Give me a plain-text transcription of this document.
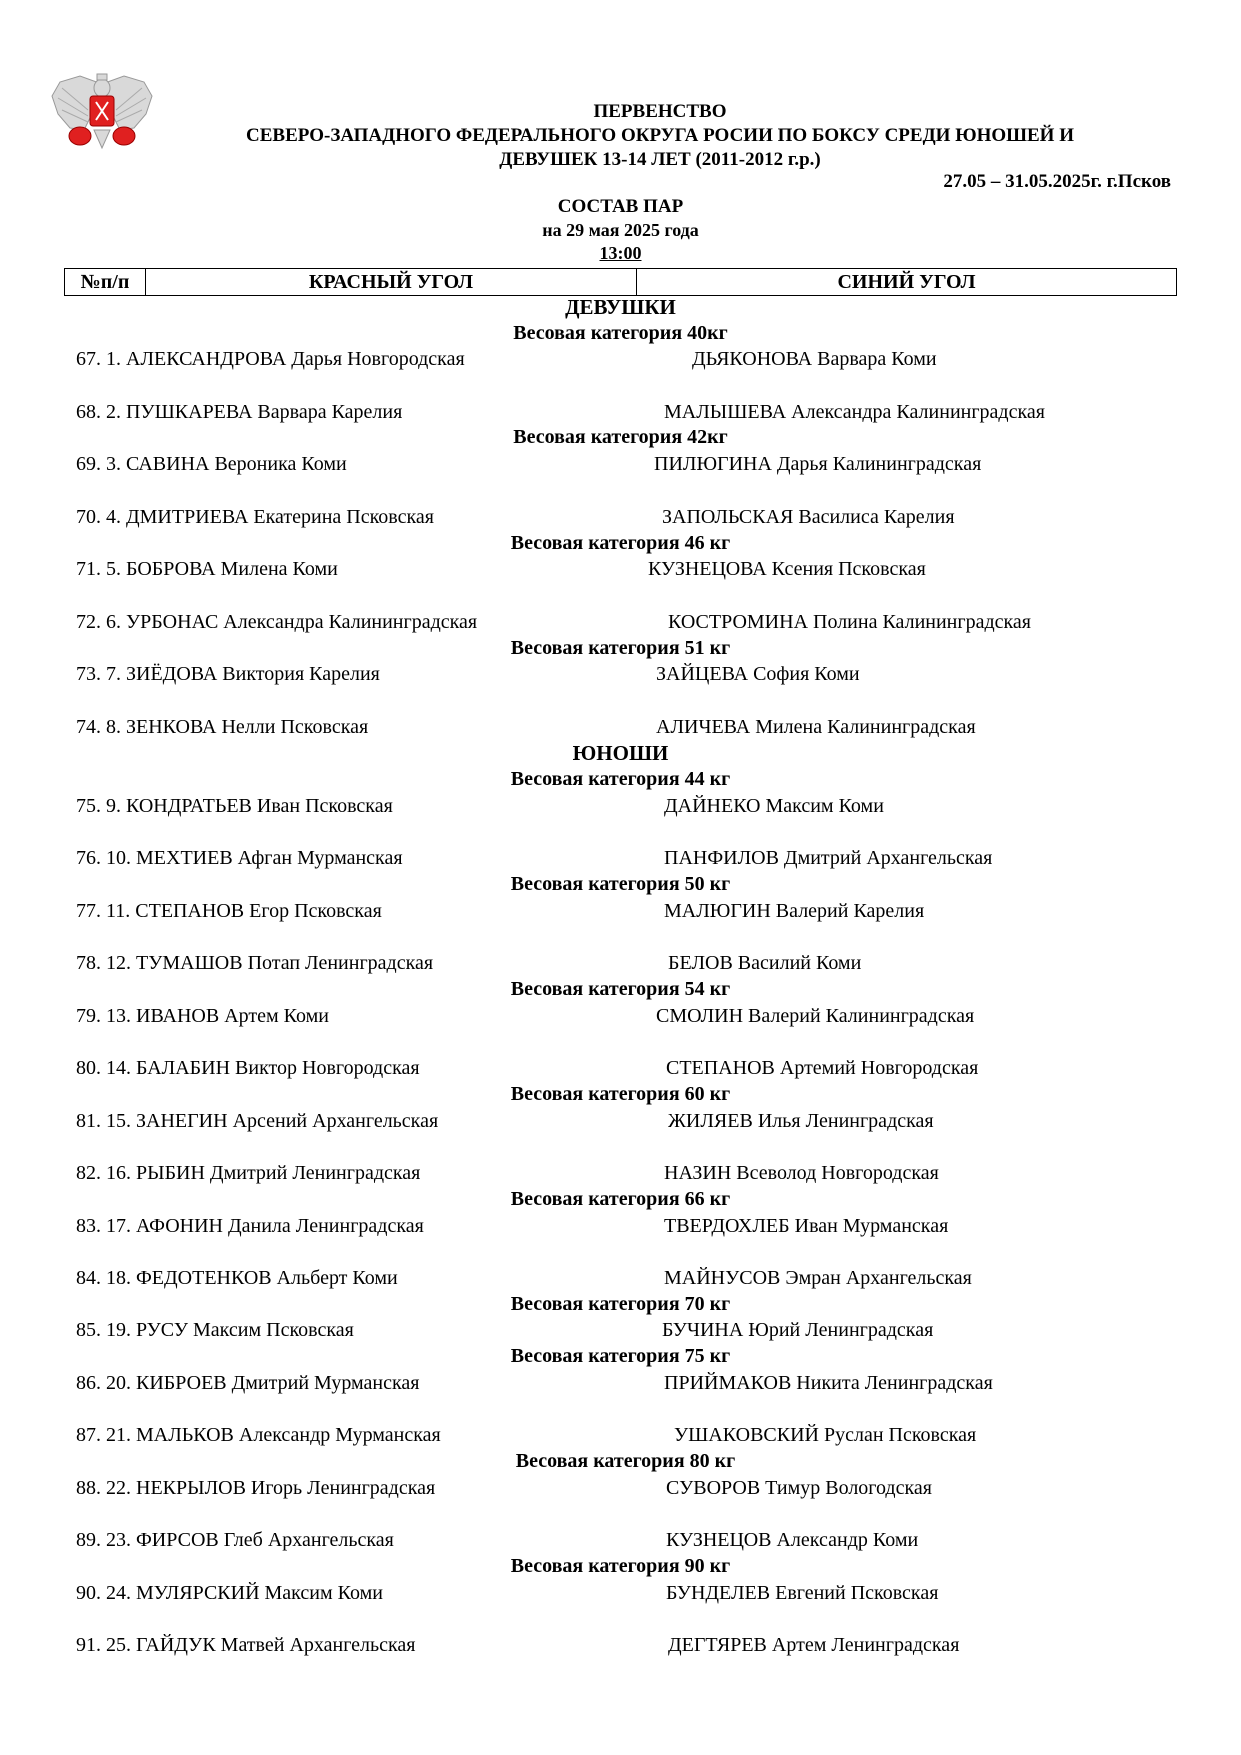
ПЕРВЕНСТВО
СЕВЕРО-ЗАПАДНОГО ФЕДЕРАЛЬНОГО ОКРУГА РОСИИ ПО БОКСУ СРЕДИ ЮНОШЕЙ И
ДЕВУШЕК 13-14 ЛЕТ (2011-2012 г.р.)
27.05 – 31.05.2025г. г.Псков
СОСТАВ ПАР
на 29 мая 2025 года
13:00
№п/п	КРАСНЫЙ УГОЛ	СИНИЙ УГОЛ
ДЕВУШКИ
Весовая категория 40кг
67. 1. АЛЕКСАНДРОВА Дарья Новгородская	ДЬЯКОНОВА Варвара Коми
68. 2. ПУШКАРЕВА Варвара Карелия	МАЛЫШЕВА Александра Калининградская
Весовая категория 42кг
69. 3. САВИНА Вероника Коми	ПИЛЮГИНА Дарья Калининградская
70. 4. ДМИТРИЕВА Екатерина Псковская	ЗАПОЛЬСКАЯ Василиса Карелия
Весовая категория 46 кг
71. 5. БОБРОВА Милена Коми	КУЗНЕЦОВА Ксения Псковская
72. 6. УРБОНАС Александра Калининградская	КОСТРОМИНА Полина Калининградская
Весовая категория 51 кг
73. 7. ЗИЁДОВА Виктория Карелия	ЗАЙЦЕВА София Коми
74. 8. ЗЕНКОВА Нелли Псковская	АЛИЧЕВА Милена Калининградская
ЮНОШИ
Весовая категория 44 кг
75. 9. КОНДРАТЬЕВ Иван Псковская	ДАЙНЕКО Максим Коми
76. 10. МЕХТИЕВ Афган Мурманская	ПАНФИЛОВ Дмитрий Архангельская
Весовая категория 50 кг
77. 11. СТЕПАНОВ Егор Псковская	МАЛЮГИН Валерий Карелия
78. 12. ТУМАШОВ Потап Ленинградская	БЕЛОВ Василий Коми
Весовая категория 54 кг
79. 13. ИВАНОВ Артем Коми	СМОЛИН Валерий Калининградская
80. 14. БАЛАБИН Виктор Новгородская	СТЕПАНОВ Артемий Новгородская
Весовая категория 60 кг
81. 15. ЗАНЕГИН Арсений Архангельская	ЖИЛЯЕВ Илья Ленинградская
82. 16. РЫБИН Дмитрий Ленинградская	НАЗИН Всеволод Новгородская
Весовая категория 66 кг
83. 17. АФОНИН Данила Ленинградская	ТВЕРДОХЛЕБ Иван Мурманская
84. 18. ФЕДОТЕНКОВ Альберт Коми	МАЙНУСОВ Эмран Архангельская
Весовая категория 70 кг
85. 19. РУСУ Максим Псковская	БУЧИНА Юрий Ленинградская
Весовая категория 75 кг
86. 20. КИБРОЕВ Дмитрий Мурманская	ПРИЙМАКОВ Никита Ленинградская
87. 21. МАЛЬКОВ Александр Мурманская	УШАКОВСКИЙ Руслан Псковская
Весовая категория 80 кг
88. 22. НЕКРЫЛОВ Игорь Ленинградская	СУВОРОВ Тимур Вологодская
89. 23. ФИРСОВ Глеб Архангельская	КУЗНЕЦОВ Александр Коми
Весовая категория 90 кг
90. 24. МУЛЯРСКИЙ Максим Коми	БУНДЕЛЕВ Евгений Псковская
91. 25. ГАЙДУК Матвей Архангельская	ДЕГТЯРЕВ Артем Ленинградская
